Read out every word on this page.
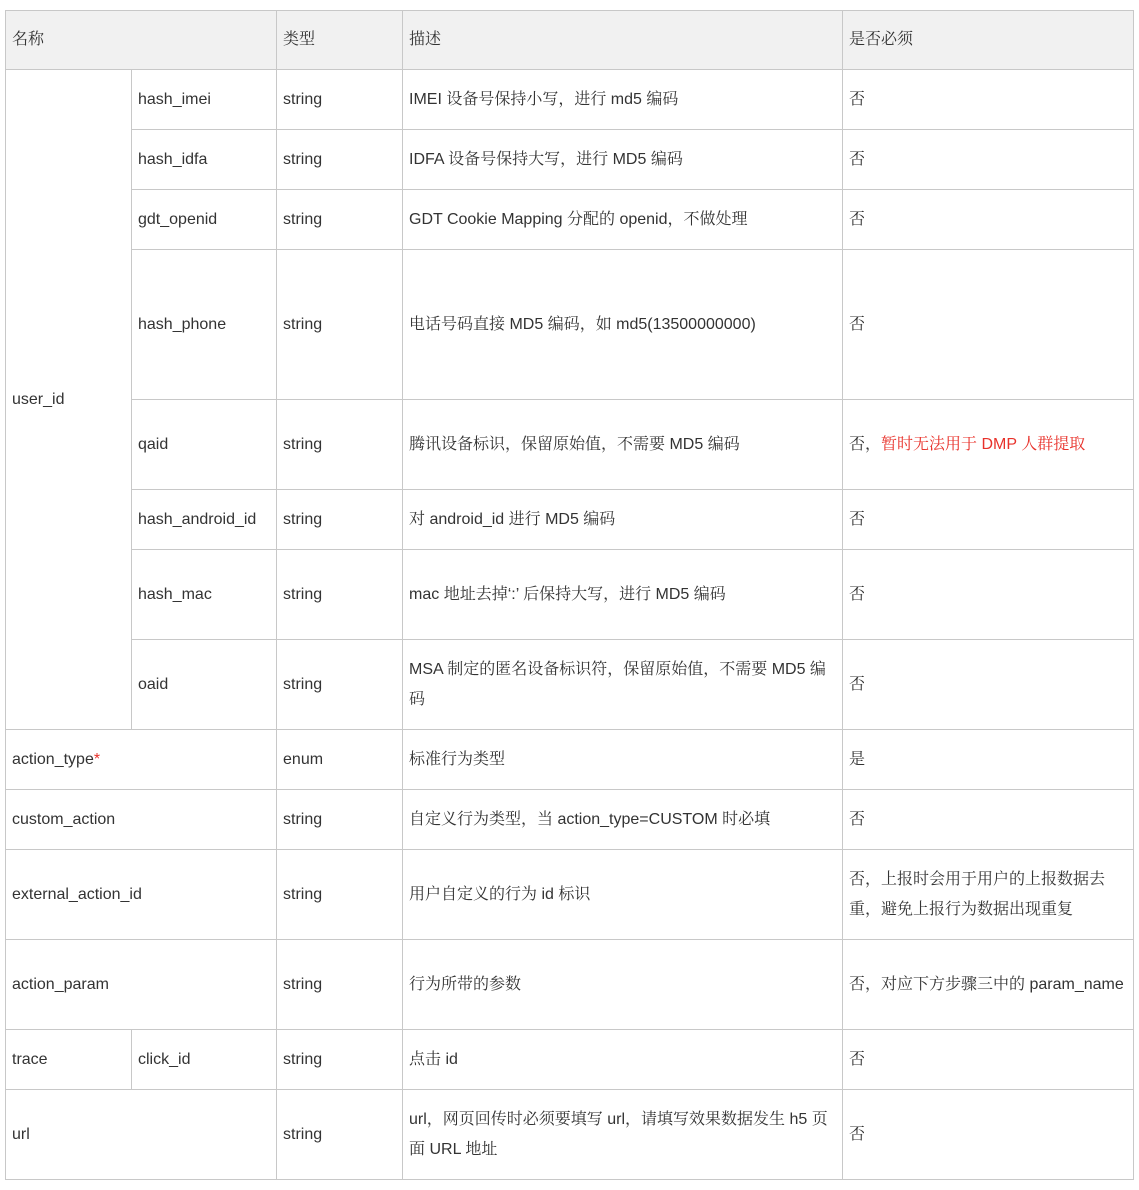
名称		类型	描述	是否必须
user_id	hash_imei	string	IMEI 设备号保持小写，进行 md5 编码	否
	hash_idfa	string	IDFA 设备号保持大写，进行 MD5 编码	否
	gdt_openid	string	GDT Cookie Mapping 分配的 openid，不做处理	否
	hash_phone	string	电话号码直接 MD5 编码，如 md5(13500000000)	否
	qaid	string	腾讯设备标识，保留原始值，不需要 MD5 编码	否，暂时无法用于 DMP 人群提取
	hash_android_id	string	对 android_id 进行 MD5 编码	否
	hash_mac	string	mac 地址去掉‘:’ 后保持大写，进行 MD5 编码	否
	oaid	string	MSA 制定的匿名设备标识符，保留原始值，不需要 MD5 编码	否
action_type*		enum	标准行为类型	是
custom_action		string	自定义行为类型，当 action_type=CUSTOM 时必填	否
external_action_id		string	用户自定义的行为 id 标识	否，上报时会用于用户的上报数据去重，避免上报行为数据出现重复
action_param		string	行为所带的参数	否，对应下方步骤三中的 param_name
trace	click_id	string	点击 id	否
url		string	url，网页回传时必须要填写 url，请填写效果数据发生 h5 页面 URL 地址	否
